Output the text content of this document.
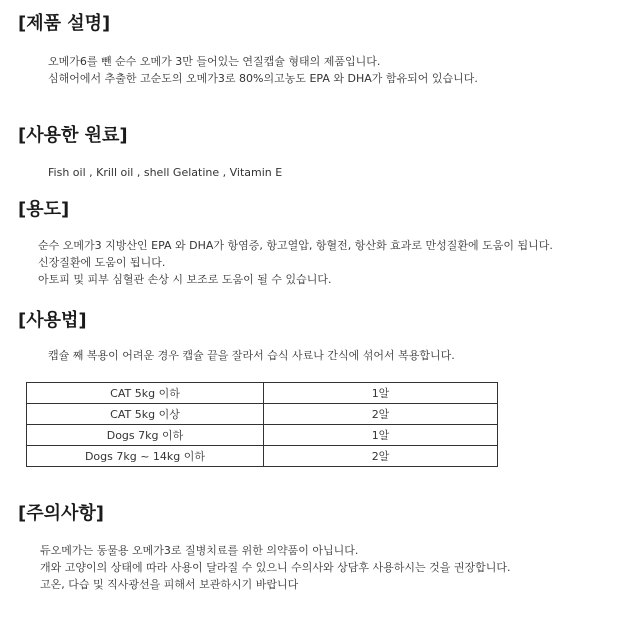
[제품 설명]
오메가6를 뺀 순수 오메가 3만 들어있는 연질캡슐 형태의 제품입니다.
심해어에서 추출한 고순도의 오메가3로 80%의고농도 EPA 와 DHA가 함유되어 있습니다.
[사용한 원료]
Fish oil , Krill oil , shell Gelatine , Vitamin E
[용도]
순수 오메가3 지방산인 EPA 와 DHA가 항염증, 항고열압, 항혈전, 항산화 효과로 만성질환에 도움이 됩니다.
신장질환에 도움이 됩니다.
아토피 및 피부 심혈관 손상 시 보조로 도움이 될 수 있습니다.
[사용법]
캡슐 째 복용이 어려운 경우 캡슐 끝을 잘라서 습식 사료나 간식에 섞어서 복용합니다.
CAT 5kg 이하	1알
CAT 5kg 이상	2알
Dogs 7kg 이하	1알
Dogs 7kg ~ 14kg 이하	2알
[주의사항]
듀오메가는 동물용 오메가3로 질병치료를 위한 의약품이 아닙니다.
개와 고양이의 상태에 따라 사용이 달라질 수 있으니 수의사와 상담후 사용하시는 것을 권장합니다.
고온, 다습 및 직사광선을 피해서 보관하시기 바랍니다
